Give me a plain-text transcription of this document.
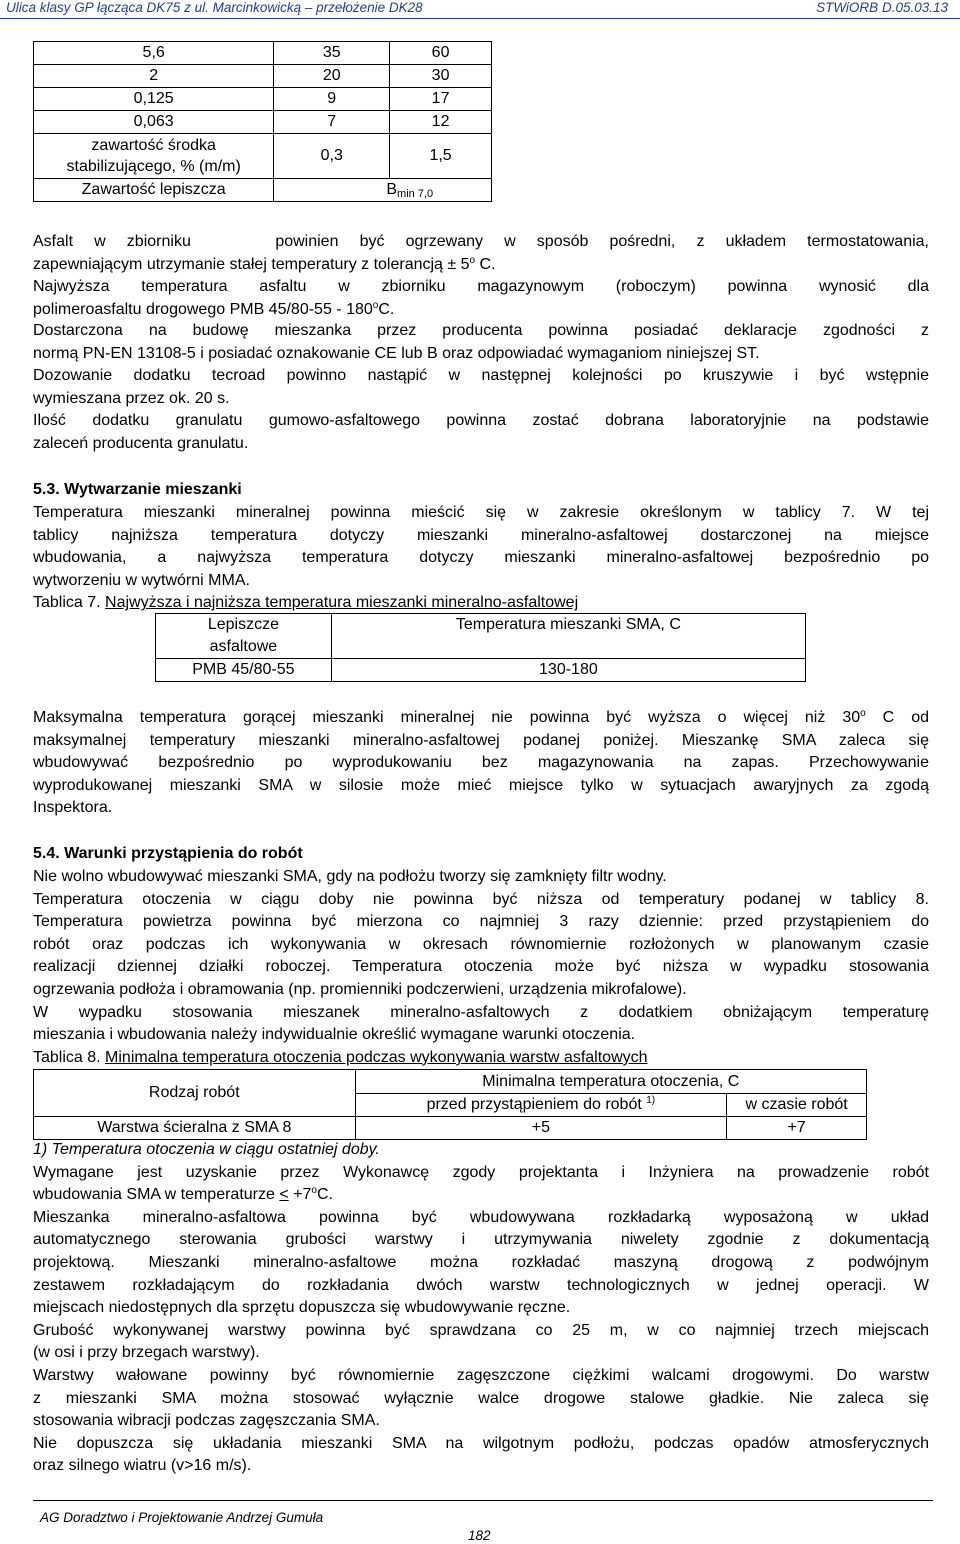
Ulica klasy GP łącząca DK75 z ul. Marcinkowicką – przełożenie DK28	STWiORB D.05.03.13
5,6	35	60
2	20	30
0,125	9	17
0,063	7	12
zawartość środka
stabilizującego, % (m/m)	0,3	1,5
Zawartość lepiszcza	$B_{min 7,0}$
Asfalt w zbiorniku    powinien być ogrzewany w sposób pośredni, z układem termostatowania,
zapewniającym utrzymanie stałej temperatury z tolerancją ± $5^o$ C.
Najwyższa temperatura asfaltu w zbiorniku magazynowym (roboczym) powinna wynosić dla
polimeroasfaltu drogowego PMB 45/80-55 - 180$^o$C.
Dostarczona na budowę mieszanka przez producenta powinna posiadać deklaracje zgodności z
normą PN-EN 13108-5 i posiadać oznakowanie CE lub B oraz odpowiadać wymaganiom niniejszej ST.
Dozowanie dodatku tecroad powinno nastąpić w następnej kolejności po kruszywie i być wstępnie
wymieszana przez ok. 20 s.
Ilość dodatku granulatu gumowo-asfaltowego powinna zostać dobrana laboratoryjnie na podstawie
zaleceń producenta granulatu.
5.3. Wytwarzanie mieszanki
Temperatura mieszanki mineralnej powinna mieścić się w zakresie określonym w tablicy 7. W tej
tablicy najniższa temperatura dotyczy mieszanki mineralno-asfaltowej dostarczonej na miejsce
wbudowania, a najwyższa temperatura dotyczy mieszanki mineralno-asfaltowej bezpośrednio po
wytworzeniu w wytwórni MMA.
Tablica 7. Najwyższa i najniższa temperatura mieszanki mineralno-asfaltowej
Lepiszcze
asfaltowe	Temperatura mieszanki SMA, C
PMB 45/80-55	130-180
Maksymalna temperatura gorącej mieszanki mineralnej nie powinna być wyższa o więcej niż 30$^o$ C od
maksymalnej temperatury mieszanki mineralno-asfaltowej podanej poniżej. Mieszankę SMA zaleca się
wbudowywać bezpośrednio po wyprodukowaniu bez magazynowania na zapas. Przechowywanie
wyprodukowanej mieszanki SMA w silosie może mieć miejsce tylko w sytuacjach awaryjnych za zgodą
Inspektora.
5.4. Warunki przystąpienia do robót
Nie wolno wbudowywać mieszanki SMA, gdy na podłożu tworzy się zamknięty filtr wodny.
Temperatura otoczenia w ciągu doby nie powinna być niższa od temperatury podanej w tablicy 8.
Temperatura powietrza powinna być mierzona co najmniej 3 razy dziennie: przed przystąpieniem do
robót oraz podczas ich wykonywania w okresach równomiernie rozłożonych w planowanym czasie
realizacji dziennej działki roboczej. Temperatura otoczenia może być niższa w wypadku stosowania
ogrzewania podłoża i obramowania (np. promienniki podczerwieni, urządzenia mikrofalowe).
W wypadku stosowania mieszanek mineralno-asfaltowych z dodatkiem obniżającym temperaturę
mieszania i wbudowania należy indywidualnie określić wymagane warunki otoczenia.
Tablica 8. Minimalna temperatura otoczenia podczas wykonywania warstw asfaltowych
Rodzaj robót	Minimalna temperatura otoczenia, C	
	przed przystąpieniem do robót $^{1)}$	w czasie robót
Warstwa ścieralna z SMA 8	+5	+7
1) Temperatura otoczenia w ciągu ostatniej doby.
Wymagane jest uzyskanie przez Wykonawcę zgody projektanta i Inżyniera na prowadzenie robót
wbudowania SMA w temperaturze < $+7^oC$.
Mieszanka mineralno-asfaltowa powinna być wbudowywana rozkładarką wyposażoną w układ
automatycznego sterowania grubości warstwy i utrzymywania niwelety zgodnie z dokumentacją
projektową. Mieszanki mineralno-asfaltowe można rozkładać maszyną drogową z podwójnym
zestawem rozkładającym do rozkładania dwóch warstw technologicznych w jednej operacji. W
miejscach niedostępnych dla sprzętu dopuszcza się wbudowywanie ręczne.
Grubość wykonywanej warstwy powinna być sprawdzana co 25 m, w co najmniej trzech miejscach
(w osi i przy brzegach warstwy).
Warstwy wałowane powinny być równomiernie zagęszczone ciężkimi walcami drogowymi. Do warstw
z mieszanki SMA można stosować wyłącznie walce drogowe stalowe gładkie. Nie zaleca się
stosowania wibracji podczas zagęszczania SMA.
Nie dopuszcza się układania mieszanki SMA na wilgotnym podłożu, podczas opadów atmosferycznych
oraz silnego wiatru (v>16 m/s).
AG Doradztwo i Projektowanie Andrzej Gumuła
182
